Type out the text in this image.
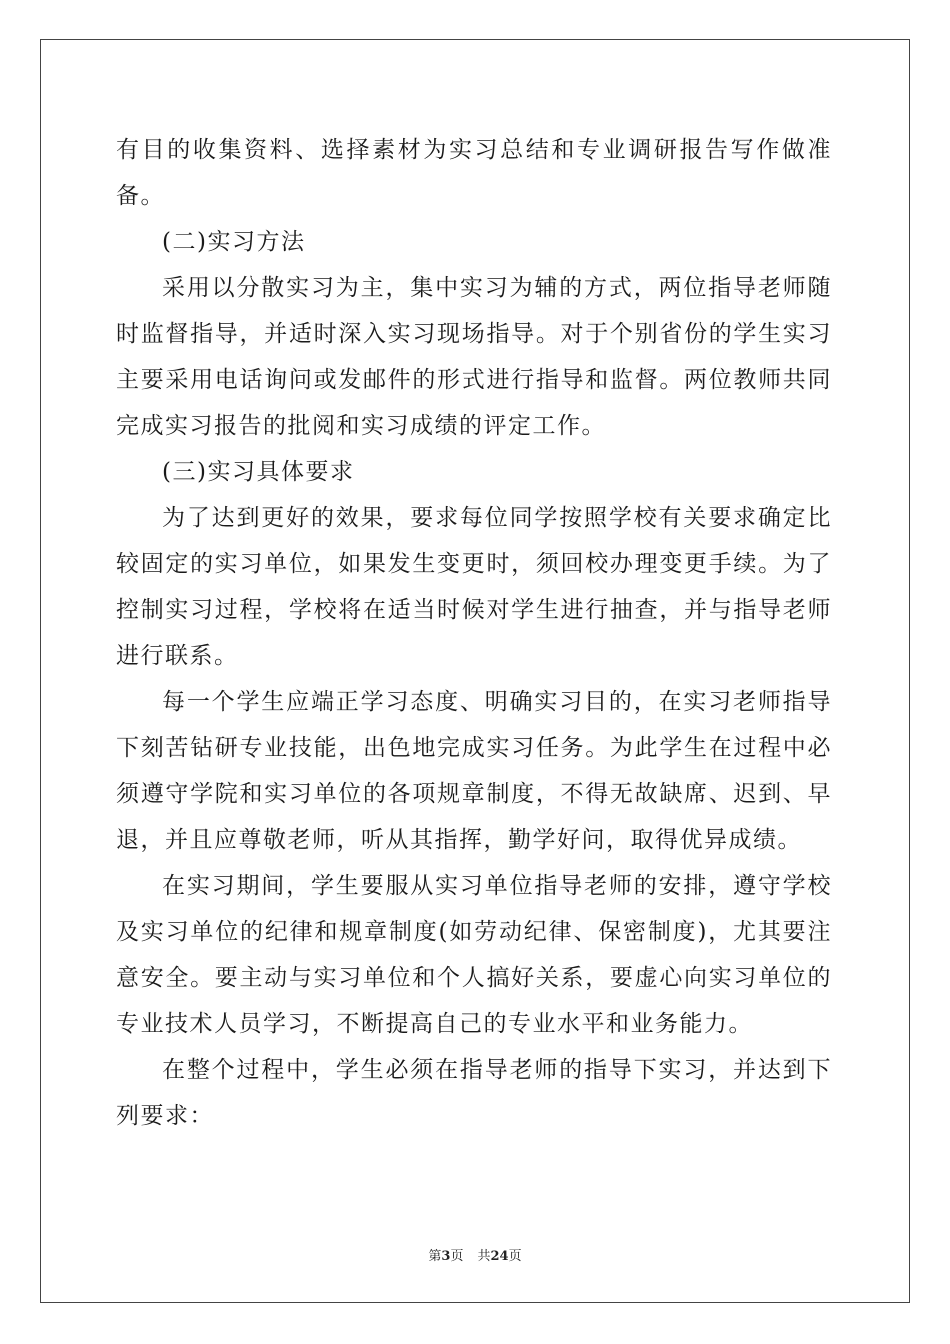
有目的收集资料、选择素材为实习总结和专业调研报告写作做准备。

(二)实习方法

采用以分散实习为主，集中实习为辅的方式，两位指导老师随时监督指导，并适时深入实习现场指导。对于个别省份的学生实习主要采用电话询问或发邮件的形式进行指导和监督。两位教师共同完成实习报告的批阅和实习成绩的评定工作。

(三)实习具体要求

为了达到更好的效果，要求每位同学按照学校有关要求确定比较固定的实习单位，如果发生变更时，须回校办理变更手续。为了控制实习过程，学校将在适当时候对学生进行抽查，并与指导老师进行联系。

每一个学生应端正学习态度、明确实习目的，在实习老师指导下刻苦钻研专业技能，出色地完成实习任务。为此学生在过程中必须遵守学院和实习单位的各项规章制度，不得无故缺席、迟到、早退，并且应尊敬老师，听从其指挥，勤学好问，取得优异成绩。

在实习期间，学生要服从实习单位指导老师的安排，遵守学校及实习单位的纪律和规章制度(如劳动纪律、保密制度)，尤其要注意安全。要主动与实习单位和个人搞好关系，要虚心向实习单位的专业技术人员学习，不断提高自己的专业水平和业务能力。

在整个过程中，学生必须在指导老师的指导下实习，并达到下列要求：

第3页 共24页
